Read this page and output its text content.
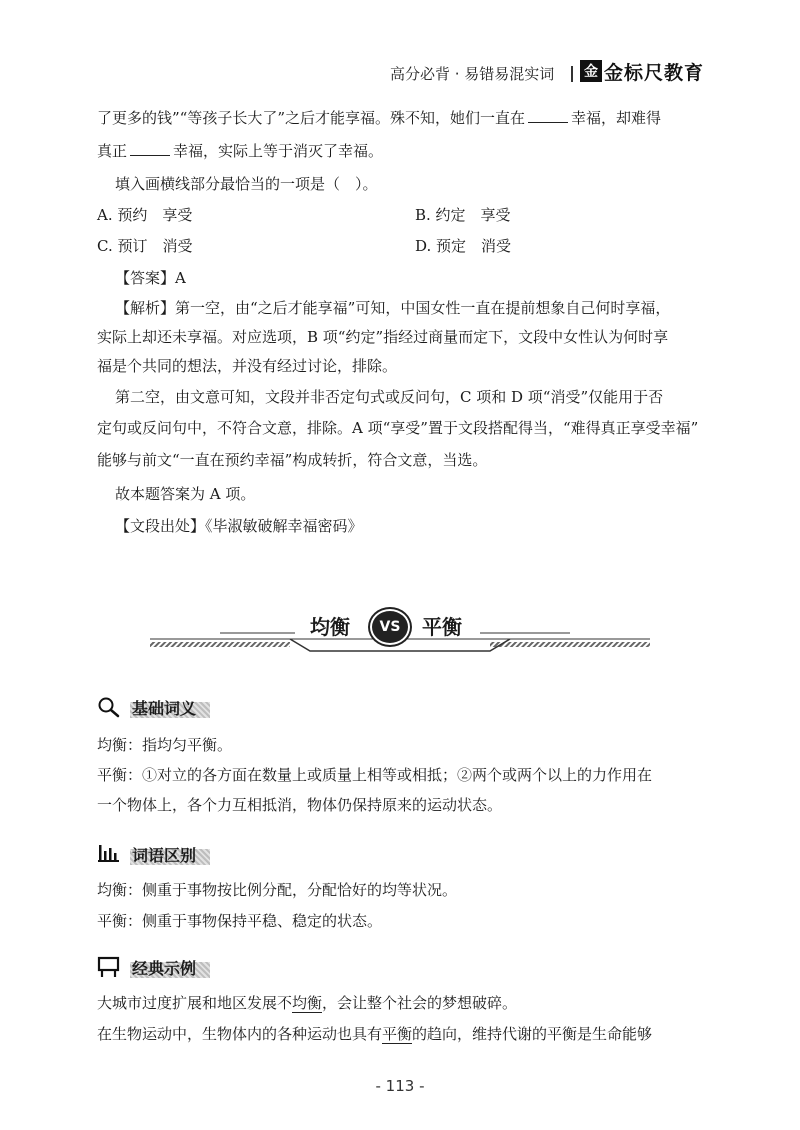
高分必背 · 易错易混实词 金 金标尺教育
了更多的钱”“等孩子长大了”之后才能享福。殊不知，她们一直在	幸福，却难得
真正	幸福，实际上等于消灭了幸福。
填入画横线部分最恰当的一项是（　）。
A. 预约　享受	B. 约定　享受
C. 预订　消受	D. 预定　消受
【答案】A
【解析】第一空，由“之后才能享福”可知，中国女性一直在提前想象自己何时享福，
实际上却还未享福。对应选项，B 项“约定”指经过商量而定下，文段中女性认为何时享
福是个共同的想法，并没有经过讨论，排除。
第二空，由文意可知，文段并非否定句式或反问句，C 项和 D 项“消受”仅能用于否
定句或反问句中，不符合文意，排除。A 项“享受”置于文段搭配得当，“难得真正享受幸福”
能够与前文“一直在预约幸福”构成转折，符合文意，当选。
故本题答案为 A 项。
【文段出处】《毕淑敏破解幸福密码》
均衡	VS	平衡
基础词义
均衡：指均匀平衡。
平衡：①对立的各方面在数量上或质量上相等或相抵；②两个或两个以上的力作用在
一个物体上，各个力互相抵消，物体仍保持原来的运动状态。
词语区别
均衡：侧重于事物按比例分配，分配恰好的均等状况。
平衡：侧重于事物保持平稳、稳定的状态。
经典示例
大城市过度扩展和地区发展不均衡，会让整个社会的梦想破碎。
在生物运动中，生物体内的各种运动也具有平衡的趋向，维持代谢的平衡是生命能够
- 113 -
